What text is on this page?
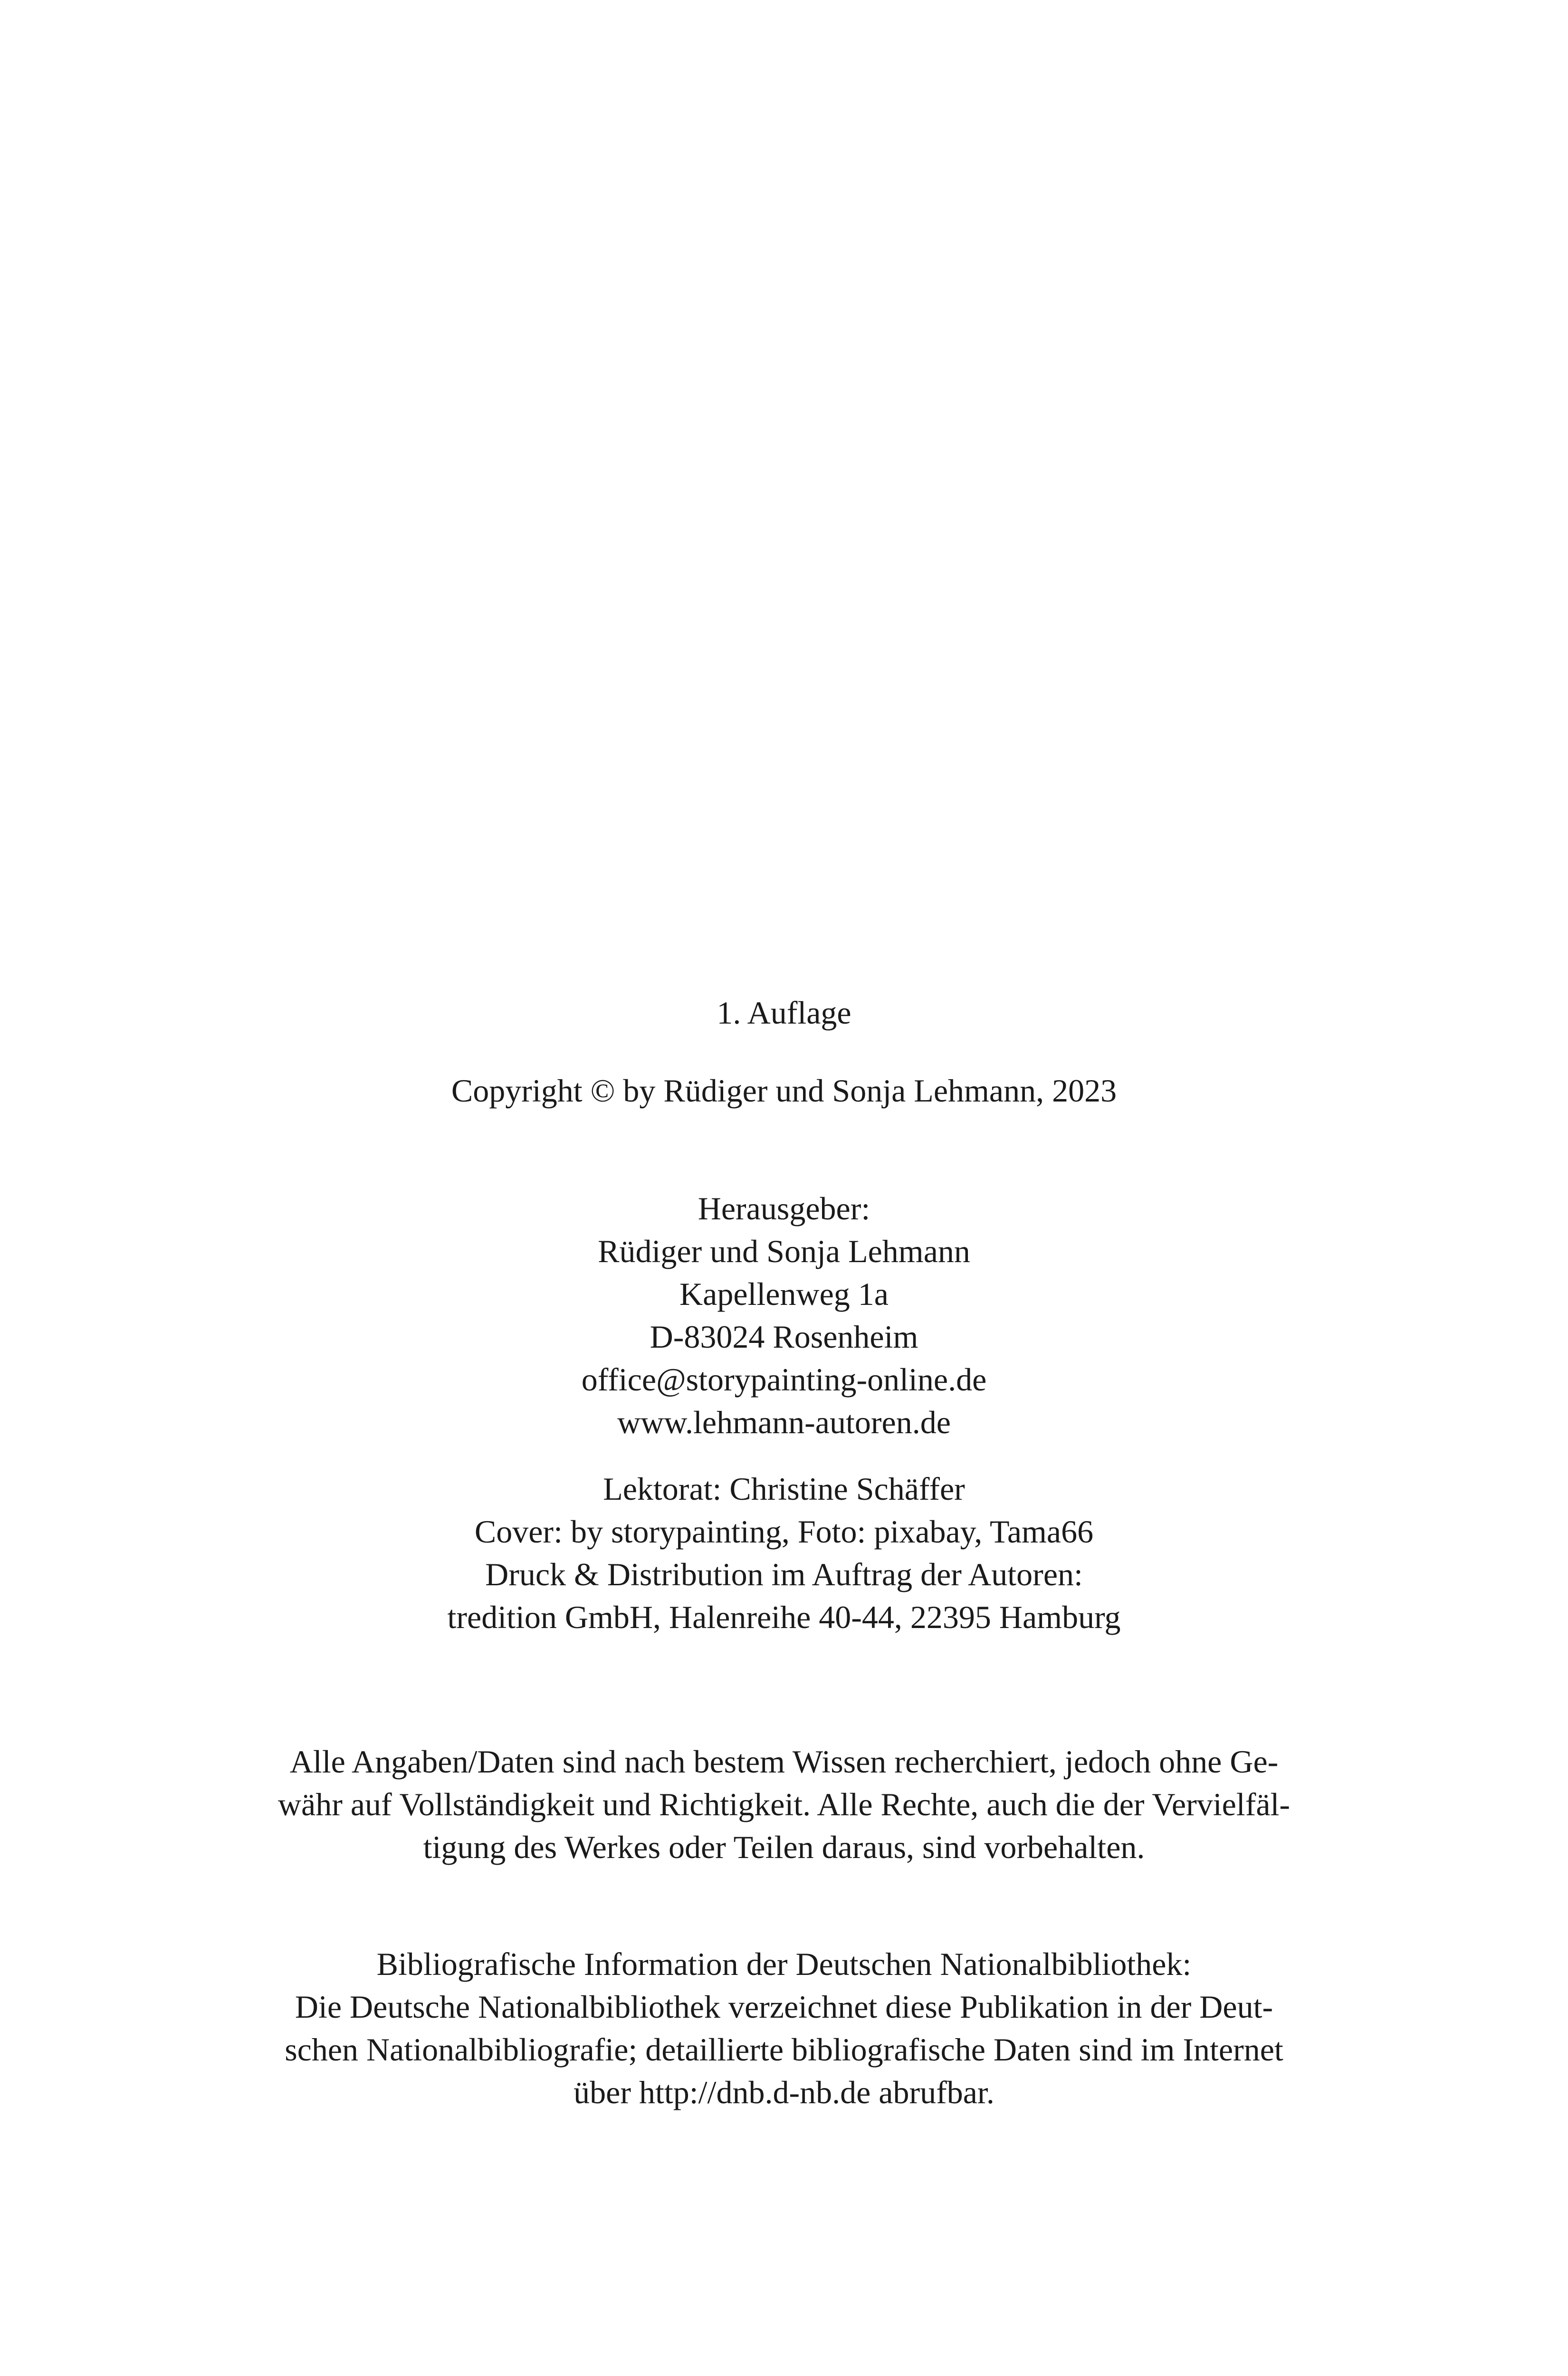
1. Auflage
Copyright © by Rüdiger und Sonja Lehmann, 2023
Herausgeber:
Rüdiger und Sonja Lehmann
Kapellenweg 1a
D-83024 Rosenheim
office@storypainting-online.de
www.lehmann-autoren.de
Lektorat: Christine Schäffer
Cover: by storypainting, Foto: pixabay, Tama66
Druck & Distribution im Auftrag der Autoren:
tredition GmbH, Halenreihe 40-44, 22395 Hamburg
Alle Angaben/Daten sind nach bestem Wissen recherchiert, jedoch ohne Ge-
währ auf Vollständigkeit und Richtigkeit. Alle Rechte, auch die der Vervielfäl-
tigung des Werkes oder Teilen daraus, sind vorbehalten.
Bibliografische Information der Deutschen Nationalbibliothek:
Die Deutsche Nationalbibliothek verzeichnet diese Publikation in der Deut-
schen Nationalbibliografie; detaillierte bibliografische Daten sind im Internet
über http://dnb.d-nb.de abrufbar.
